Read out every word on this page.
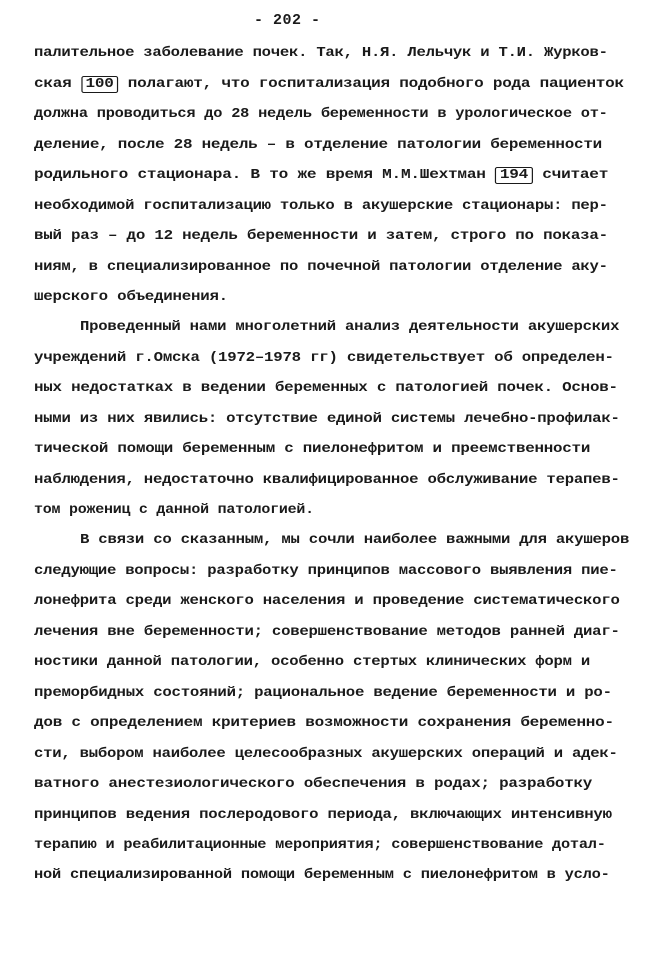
- 202 -
палительное заболевание почек. Так, Н.Я. Лельчук и Т.И. Журков-
ская 100 полагают, что госпитализация подобного рода пациенток
должна проводиться до 28 недель беременности в урологическое от-
деление, после 28 недель – в отделение патологии беременности
родильного стационара. В то же время М.М.Шехтман 194 считает
необходимой госпитализацию только в акушерские стационары: пер-
вый раз – до 12 недель беременности и затем, строго по показа-
ниям, в специализированное по почечной патологии отделение аку-
шерского объединения.
Проведенный нами многолетний анализ деятельности акушерских
учреждений г.Омска (1972–1978 гг) свидетельствует об определен-
ных недостатках в ведении беременных с патологией почек. Основ-
ными из них явились: отсутствие единой системы лечебно-профилак-
тической помощи беременным с пиелонефритом и преемственности
наблюдения, недостаточно квалифицированное обслуживание терапев-
том рожениц с данной патологией.
В связи со сказанным, мы сочли наиболее важными для акушеров
следующие вопросы: разработку принципов массового выявления пие-
лонефрита среди женского населения и проведение систематического
лечения вне беременности; совершенствование методов ранней диаг-
ностики данной патологии, особенно стертых клинических форм и
преморбидных состояний; рациональное ведение беременности и ро-
дов с определением критериев возможности сохранения беременно-
сти, выбором наиболее целесообразных акушерских операций и адек-
ватного анестезиологического обеспечения в родах; разработку
принципов ведения послеродового периода, включающих интенсивную
терапию и реабилитационные мероприятия; совершенствование дотал-
ной специализированной помощи беременным с пиелонефритом в усло-
